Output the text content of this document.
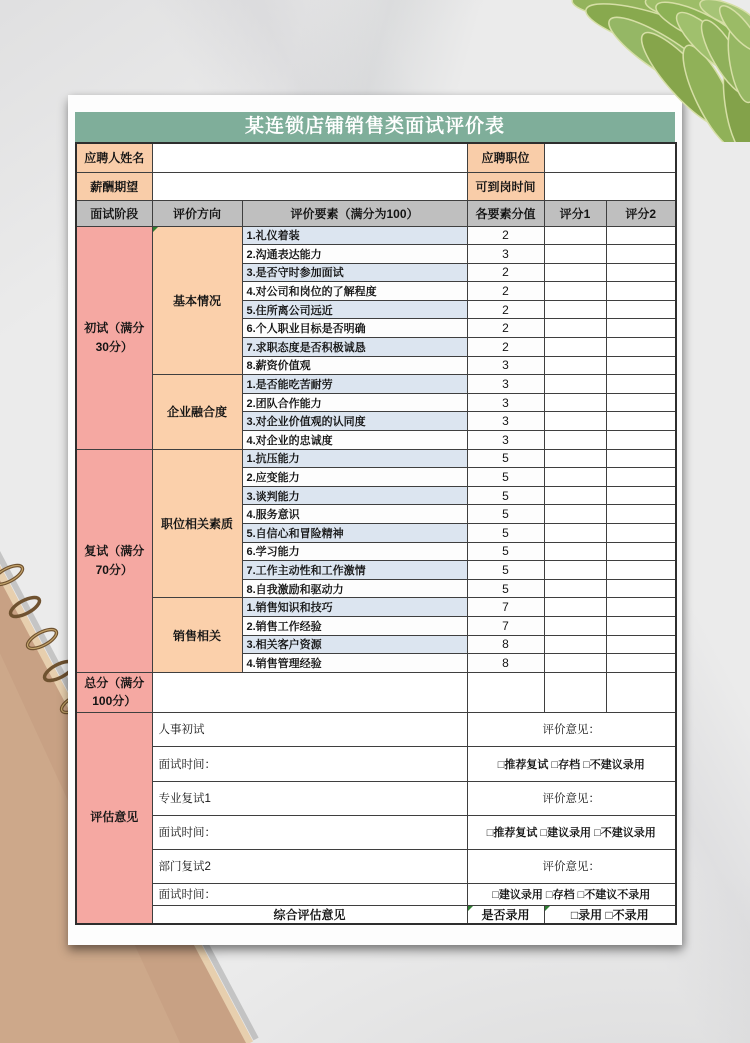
某连锁店铺销售类面试评价表
应聘人姓名			应聘职位		
薪酬期望			可到岗时间		
面试阶段	评价方向	评价要素（满分为100）	各要素分值	评分1	评分2
初试（满分30分）	基本情况	1.礼仪着装	2		
		2.沟通表达能力	3		
		3.是否守时参加面试	2		
		4.对公司和岗位的了解程度	2		
		5.住所离公司远近	2		
		6.个人职业目标是否明确	2		
		7.求职态度是否积极诚恳	2		
		8.薪资价值观	3		
	企业融合度	1.是否能吃苦耐劳	3		
		2.团队合作能力	3		
		3.对企业价值观的认同度	3		
		4.对企业的忠诚度	3		
复试（满分70分）	职位相关素质	1.抗压能力	5		
		2.应变能力	5		
		3.谈判能力	5		
		4.服务意识	5		
		5.自信心和冒险精神	5		
		6.学习能力	5		
		7.工作主动性和工作激情	5		
		8.自我激励和驱动力	5		
	销售相关	1.销售知识和技巧	7		
		2.销售工作经验	7		
		3.相关客户资源	8		
		4.销售管理经验	8		
总分（满分100分）					
评估意见	人事初试		评价意见：		
	面试时间：		□推荐复试 □存档 □不建议录用		
	专业复试1		评价意见：		
	面试时间：		□推荐复试 □建议录用 □不建议录用		
	部门复试2		评价意见：		
	面试时间：		□建议录用 □存档 □不建议不录用		
	综合评估意见		是否录用	□录用 □不录用	
